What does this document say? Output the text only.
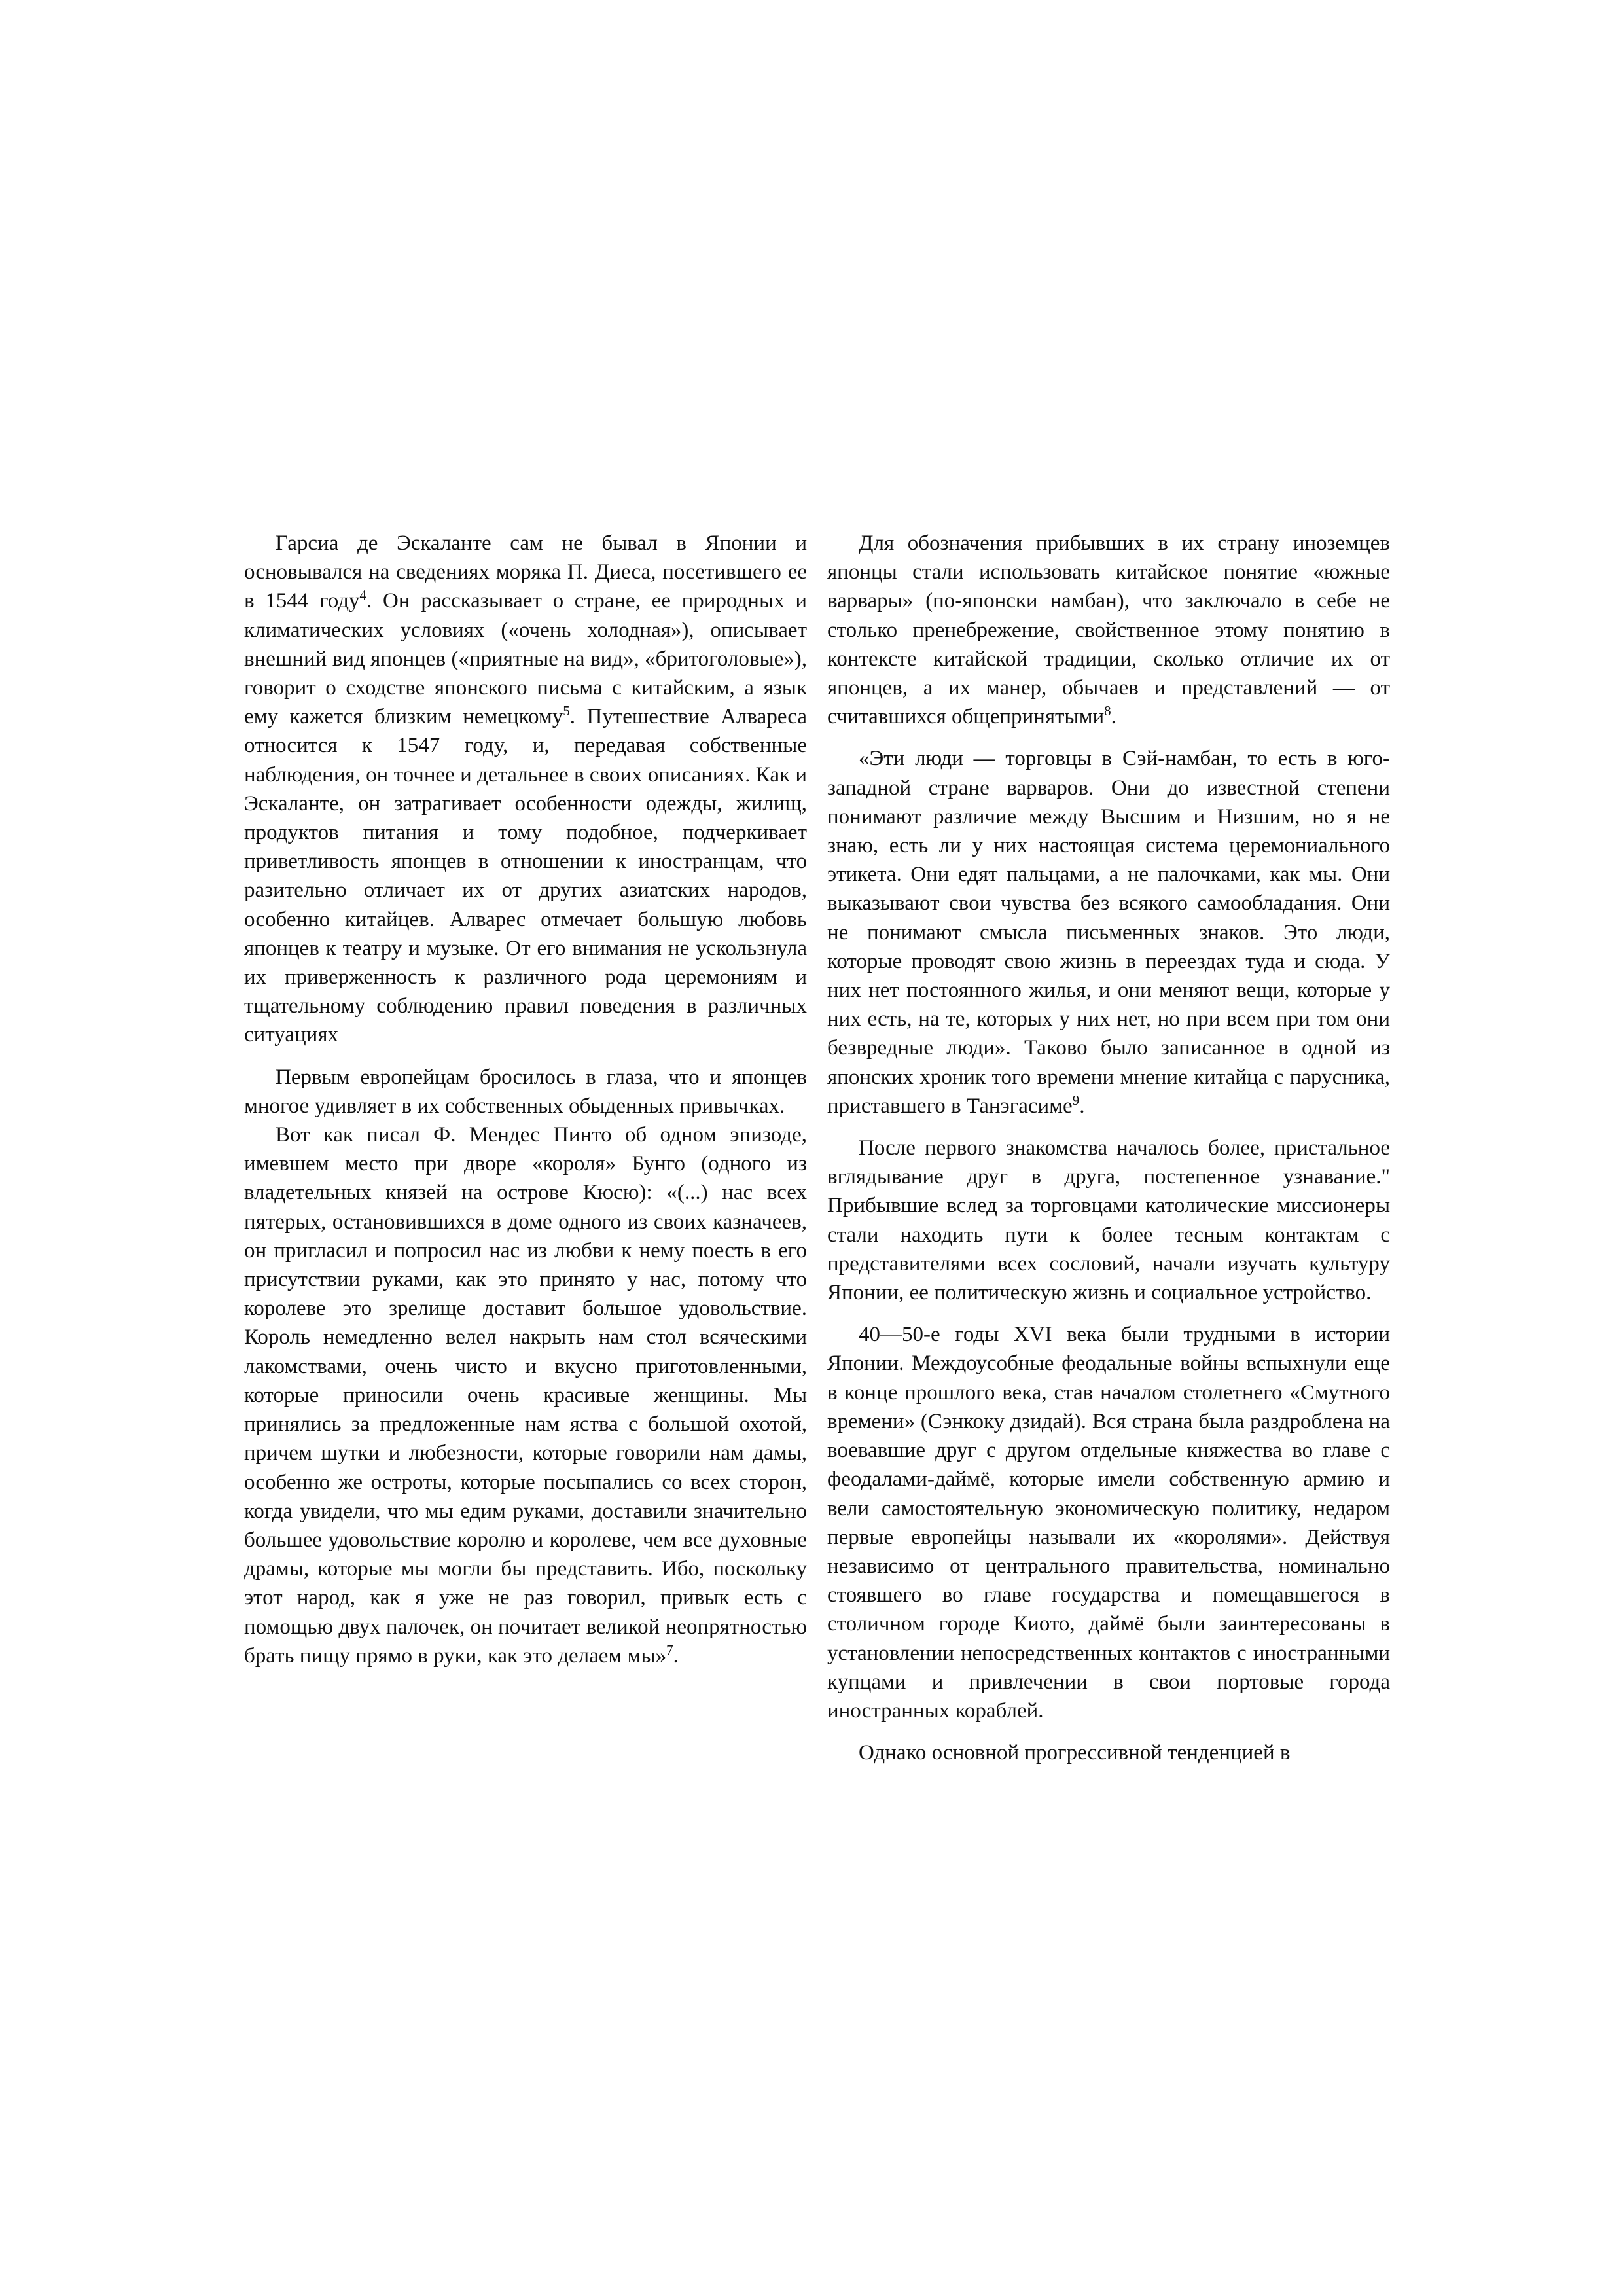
Гарсиа де Эскаланте сам не бывал в Японии и основывался на сведениях моряка П. Диеса, посетившего ее в 1544 году$^4$. Он рассказывает о стране, ее природных и климатических условиях («очень холодная»), описывает внешний вид японцев («приятные на вид», «бритоголовые»), говорит о сходстве японского письма с китайским, а язык ему кажется близким немецкому$^5$. Путешествие Алвареса относится к 1547 году, и, передавая собственные наблюдения, он точнее и детальнее в своих описаниях. Как и Эскаланте, он затрагивает особенности одежды, жилищ, продуктов питания и тому подобное, подчеркивает приветливость японцев в отношении к иностранцам, что разительно отличает их от других азиатских народов, особенно китайцев. Алварес отмечает большую любовь японцев к театру и музыке. От его внимания не ускользнула их приверженность к различного рода церемониям и тщательному соблюдению правил поведения в различных ситуациях

Первым европейцам бросилось в глаза, что и японцев многое удивляет в их собственных обыденных привычках.

Вот как писал Ф. Мендес Пинто об одном эпизоде, имевшем место при дворе «короля» Бунго (одного из владетельных князей на острове Кюсю): «(...) нас всех пятерых, остановившихся в доме одного из своих казначеев, он пригласил и попросил нас из любви к нему поесть в его присутствии руками, как это принято у нас, потому что королеве это зрелище доставит большое удовольствие. Король немедленно велел накрыть нам стол всяческими лакомствами, очень чисто и вкусно приготовленными, которые приносили очень красивые женщины. Мы принялись за предложенные нам яства с большой охотой, причем шутки и любезности, которые говорили нам дамы, особенно же остроты, которые посыпались со всех сторон, когда увидели, что мы едим руками, доставили значительно большее удовольствие королю и королеве, чем все духовные драмы, которые мы могли бы представить. Ибо, поскольку этот народ, как я уже не раз говорил, привык есть с помощью двух палочек, он почитает великой неопрятностью брать пищу прямо в руки, как это делаем мы»$^7$.

Для обозначения прибывших в их страну иноземцев японцы стали использовать китайское понятие «южные варвары» (по-японски намбан), что заключало в себе не столько пренебрежение, свойственное этому понятию в контексте китайской традиции, сколько отличие их от японцев, а их манер, обычаев и представлений — от считавшихся общепринятыми$^8$.

«Эти люди — торговцы в Сэй-намбан, то есть в юго-западной стране варваров. Они до известной степени понимают различие между Высшим и Низшим, но я не знаю, есть ли у них настоящая система церемониального этикета. Они едят пальцами, а не палочками, как мы. Они выказывают свои чувства без всякого самообладания. Они не понимают смысла письменных знаков. Это люди, которые проводят свою жизнь в переездах туда и сюда. У них нет постоянного жилья, и они меняют вещи, которые у них есть, на те, которых у них нет, но при всем при том они безвредные люди». Таково было записанное в одной из японских хроник того времени мнение китайца с парусника, приставшего в Танэгасиме$^9$.

После первого знакомства началось более, пристальное вглядывание друг в друга, постепенное узнавание." Прибывшие вслед за торговцами католические миссионеры стали находить пути к более тесным контактам с представителями всех сословий, начали изучать культуру Японии, ее политическую жизнь и социальное устройство.

40—50-е годы XVI века были трудными в истории Японии. Междоусобные феодальные войны вспыхнули еще в конце прошлого века, став началом столетнего «Смутного времени» (Сэнкоку дзидай). Вся страна была раздроблена на воевавшие друг с другом отдельные княжества во главе с феодалами-даймё, которые имели собственную армию и вели самостоятельную экономическую политику, недаром первые европейцы называли их «королями». Действуя независимо от центрального правительства, номинально стоявшего во главе государства и помещавшегося в столичном городе Киото, даймё были заинтересованы в установлении непосредственных контактов с иностранными купцами и привлечении в свои портовые города иностранных кораблей.

Однако основной прогрессивной тенденцией в
